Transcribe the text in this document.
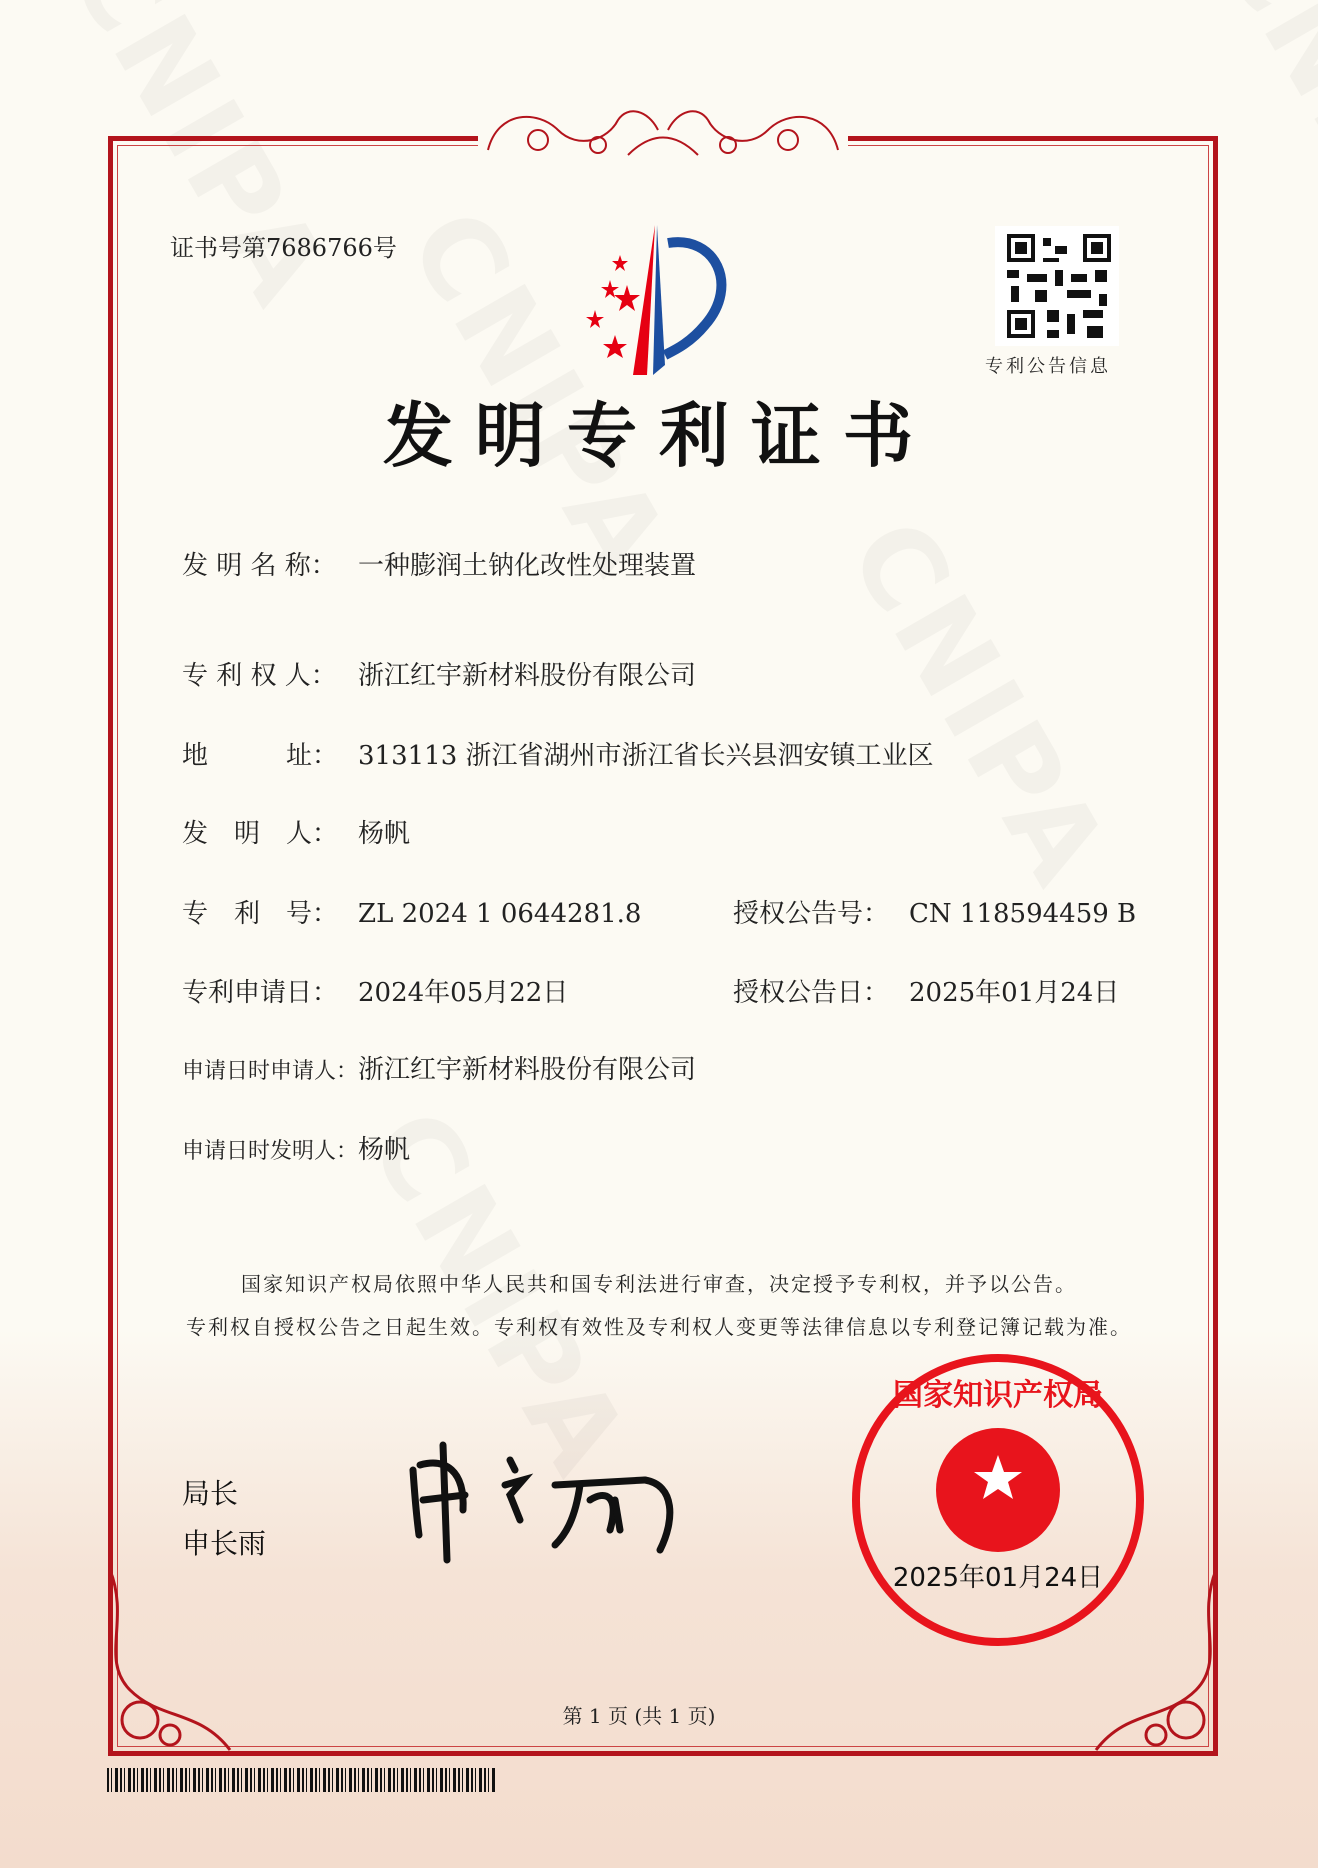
证书号第7686766号
专利公告信息
发明专利证书
发 明 名 称： 一种膨润土钠化改性处理装置
专 利 权 人： 浙江红宇新材料股份有限公司
地　　　址： 313113 浙江省湖州市浙江省长兴县泗安镇工业区
发　明　人： 杨帆
专　利　号： ZL 2024 1 0644281.8
专利申请日： 2024年05月22日
申请日时申请人：浙江红宇新材料股份有限公司
申请日时发明人：杨帆
授权公告号： CN 118594459 B
授权公告日： 2025年01月24日
国家知识产权局依照中华人民共和国专利法进行审查，决定授予专利权，并予以公告。
专利权自授权公告之日起生效。专利权有效性及专利权人变更等法律信息以专利登记簿记载为准。
局长
申长雨
2025年01月24日
国家知识产权局
第 1 页 (共 1 页)
